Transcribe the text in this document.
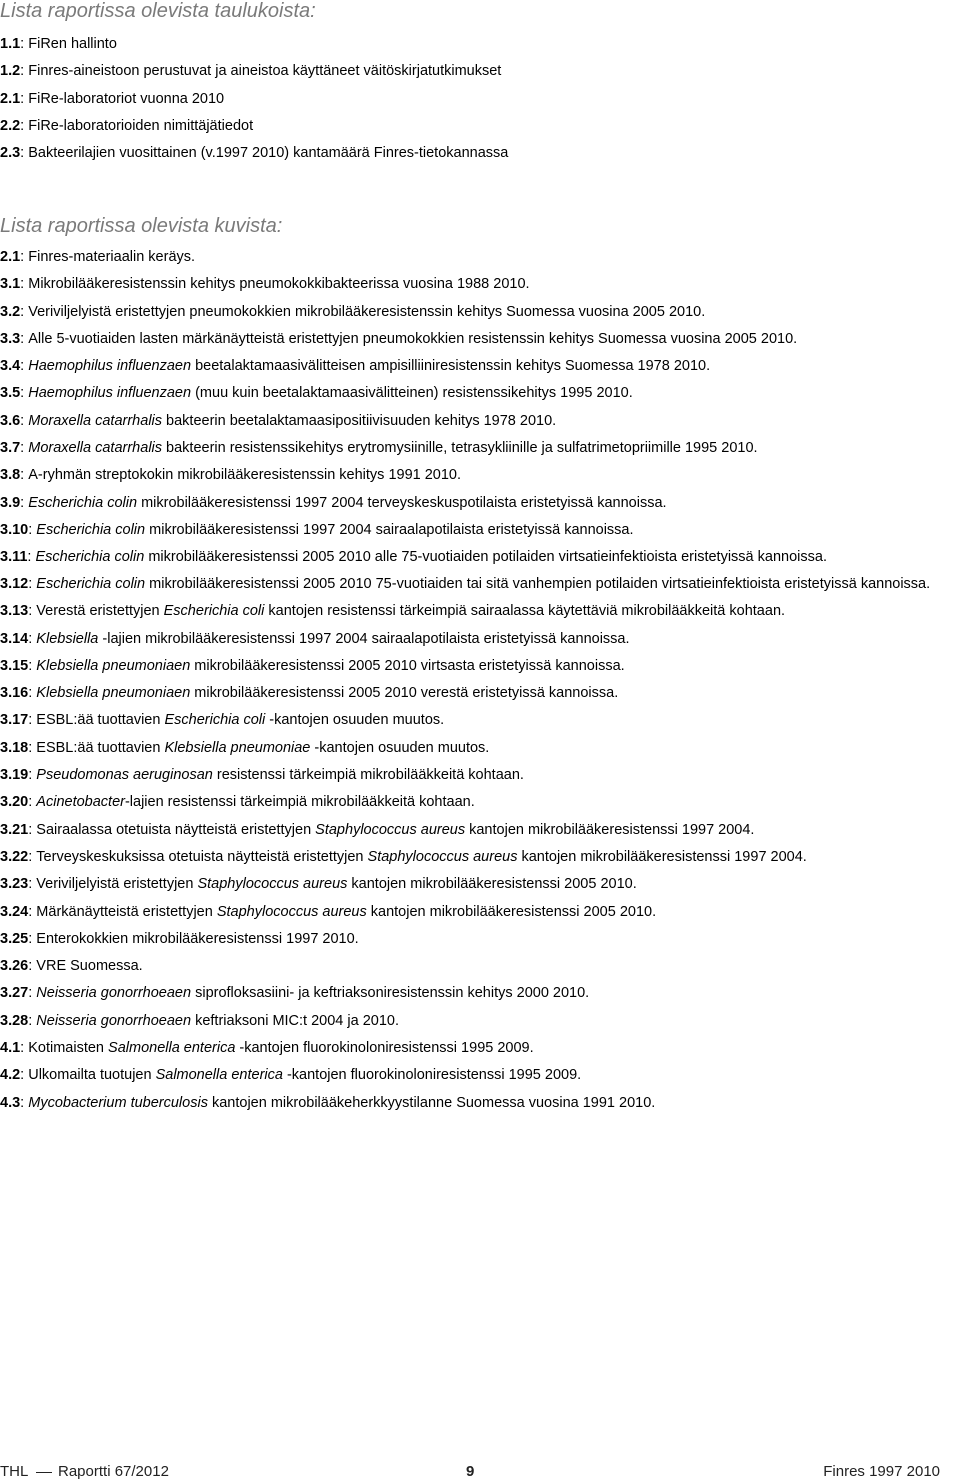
Lista raportissa olevista taulukoista:
1.1 : FiRen hallinto
1.2 : Finres-aineistoon perustuvat ja aineistoa käyttäneet väitöskirjatutkimukset
2.1 : FiRe-laboratoriot vuonna 2010
2.2 : FiRe-laboratorioiden nimittäjätiedot
2.3 : Bakteerilajien vuosittainen (v.1997 2010) kantamäärä Finres-tietokannassa
Lista raportissa olevista kuvista:
2.1 : Finres-materiaalin keräys.
3.1 : Mikrobilääkeresistenssin kehitys pneumokokkibakteerissa vuosina 1988 2010.
3.2 : Veriviljelyistä eristettyjen pneumokokkien mikrobilääkeresistenssin kehitys Suomessa vuosina 2005 2010.
3.3 : Alle 5-vuotiaiden lasten märkänäytteistä eristettyjen pneumokokkien resistenssin kehitys Suomessa vuosina 2005 2010.
3.4 : Haemophilus influenzaen beetalaktamaasivälitteisen ampisilliiniresistenssin kehitys Suomessa 1978 2010.
3.5 : Haemophilus influenzaen (muu kuin beetalaktamaasivälitteinen) resistenssikehitys 1995 2010.
3.6 : Moraxella catarrhalis bakteerin beetalaktamaasipositiivisuuden kehitys 1978 2010.
3.7 : Moraxella catarrhalis bakteerin resistenssikehitys erytromysiinille, tetrasykliinille ja sulfatrimetopriimille 1995 2010.
3.8 : A-ryhmän streptokokin mikrobilääkeresistenssin kehitys 1991 2010.
3.9 : Escherichia colin mikrobilääkeresistenssi 1997 2004 terveyskeskuspotilaista eristetyissä kannoissa.
3.10 : Escherichia colin mikrobilääkeresistenssi 1997 2004 sairaalapotilaista eristetyissä kannoissa.
3.11 : Escherichia colin mikrobilääkeresistenssi 2005 2010 alle 75-vuotiaiden potilaiden virtsatieinfektioista eristetyissä kannoissa.
3.12 : Escherichia colin mikrobilääkeresistenssi 2005 2010 75-vuotiaiden tai sitä vanhempien potilaiden virtsatieinfektioista eristetyissä kannoissa.
3.13 : Verestä eristettyjen Escherichia coli kantojen resistenssi tärkeimpiä sairaalassa käytettäviä mikrobilääkkeitä kohtaan.
3.14 : Klebsiella -lajien mikrobilääkeresistenssi 1997 2004 sairaalapotilaista eristetyissä kannoissa.
3.15 : Klebsiella pneumoniaen mikrobilääkeresistenssi 2005 2010 virtsasta eristetyissä kannoissa.
3.16 : Klebsiella pneumoniaen mikrobilääkeresistenssi 2005 2010 verestä eristetyissä kannoissa.
3.17 : ESBL:ää tuottavien Escherichia coli -kantojen osuuden muutos.
3.18 : ESBL:ää tuottavien Klebsiella pneumoniae -kantojen osuuden muutos.
3.19 : Pseudomonas aeruginosan resistenssi tärkeimpiä mikrobilääkkeitä kohtaan.
3.20 : Acinetobacter-lajien resistenssi tärkeimpiä mikrobilääkkeitä kohtaan.
3.21 : Sairaalassa otetuista näytteistä eristettyjen Staphylococcus aureus kantojen mikrobilääkeresistenssi 1997 2004.
3.22 : Terveyskeskuksissa otetuista näytteistä eristettyjen Staphylococcus aureus kantojen mikrobilääkeresistenssi 1997 2004.
3.23 : Veriviljelyistä eristettyjen Staphylococcus aureus kantojen mikrobilääkeresistenssi 2005 2010.
3.24 : Märkänäytteistä eristettyjen Staphylococcus aureus kantojen mikrobilääkeresistenssi 2005 2010.
3.25 : Enterokokkien mikrobilääkeresistenssi 1997 2010.
3.26 : VRE Suomessa.
3.27 : Neisseria gonorrhoeaen siprofloksasiini- ja keftriaksoniresistenssin kehitys 2000 2010.
3.28 : Neisseria gonorrhoeaen keftriaksoni MIC:t 2004 ja 2010.
4.1 : Kotimaisten Salmonella enterica -kantojen fluorokinoloniresistenssi 1995 2009.
4.2 : Ulkomailta tuotujen Salmonella enterica -kantojen fluorokinoloniresistenssi 1995 2009.
4.3 : Mycobacterium tuberculosis kantojen mikrobilääkeherkkyystilanne Suomessa vuosina 1991 2010.
THL Raportti 67/2012	9	Finres 1997 2010
